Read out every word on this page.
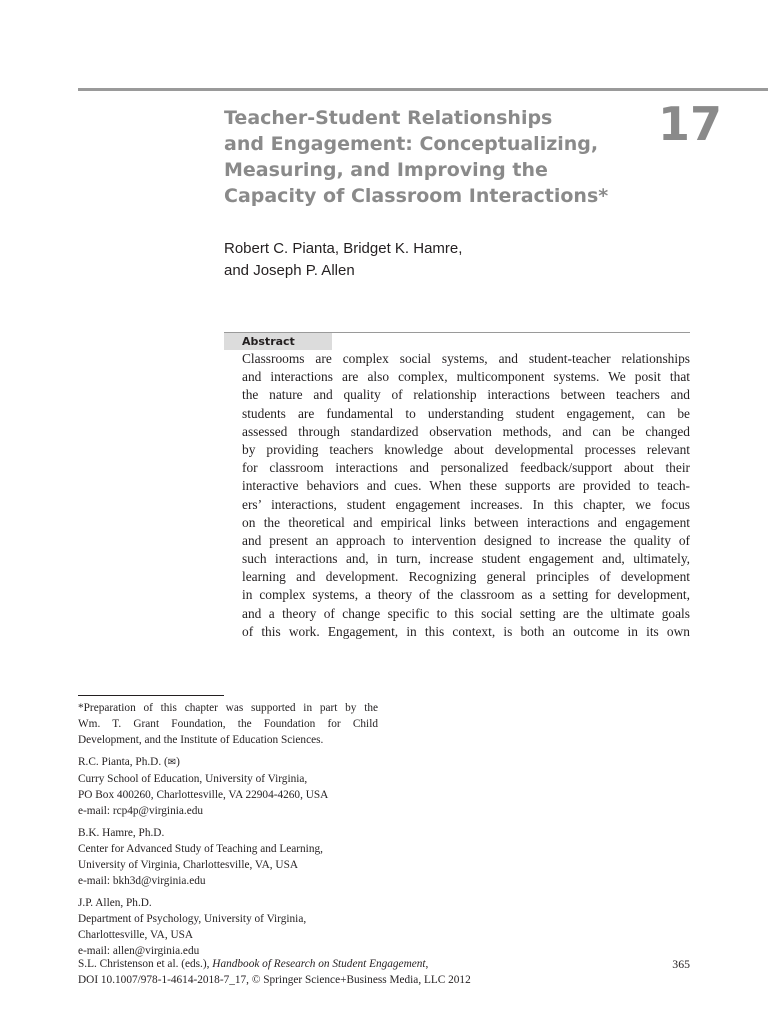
Teacher-Student Relationships
and Engagement: Conceptualizing,
Measuring, and Improving the
Capacity of Classroom Interactions*
17
Robert C. Pianta, Bridget K. Hamre,
and Joseph P. Allen
Abstract
Classrooms are complex social systems, and student-teacher relationships
and interactions are also complex, multicomponent systems. We posit that
the nature and quality of relationship interactions between teachers and
students are fundamental to understanding student engagement, can be
assessed through standardized observation methods, and can be changed
by providing teachers knowledge about developmental processes relevant
for classroom interactions and personalized feedback/support about their
interactive behaviors and cues. When these supports are provided to teach-
ers’ interactions, student engagement increases. In this chapter, we focus
on the theoretical and empirical links between interactions and engagement
and present an approach to intervention designed to increase the quality of
such interactions and, in turn, increase student engagement and, ultimately,
learning and development. Recognizing general principles of development
in complex systems, a theory of the classroom as a setting for development,
and a theory of change specific to this social setting are the ultimate goals
of this work. Engagement, in this context, is both an outcome in its own
*Preparation of this chapter was supported in part by the
Wm. T. Grant Foundation, the Foundation for Child
Development, and the Institute of Education Sciences.
R.C. Pianta, Ph.D. (✉)
Curry School of Education, University of Virginia,
PO Box 400260, Charlottesville, VA 22904-4260, USA
e-mail: rcp4p@virginia.edu
B.K. Hamre, Ph.D.
Center for Advanced Study of Teaching and Learning,
University of Virginia, Charlottesville, VA, USA
e-mail: bkh3d@virginia.edu
J.P. Allen, Ph.D.
Department of Psychology, University of Virginia,
Charlottesville, VA, USA
e-mail: allen@virginia.edu
S.L. Christenson et al. (eds.), Handbook of Research on Student Engagement,
DOI 10.1007/978-1-4614-2018-7_17, © Springer Science+Business Media, LLC 2012
365
